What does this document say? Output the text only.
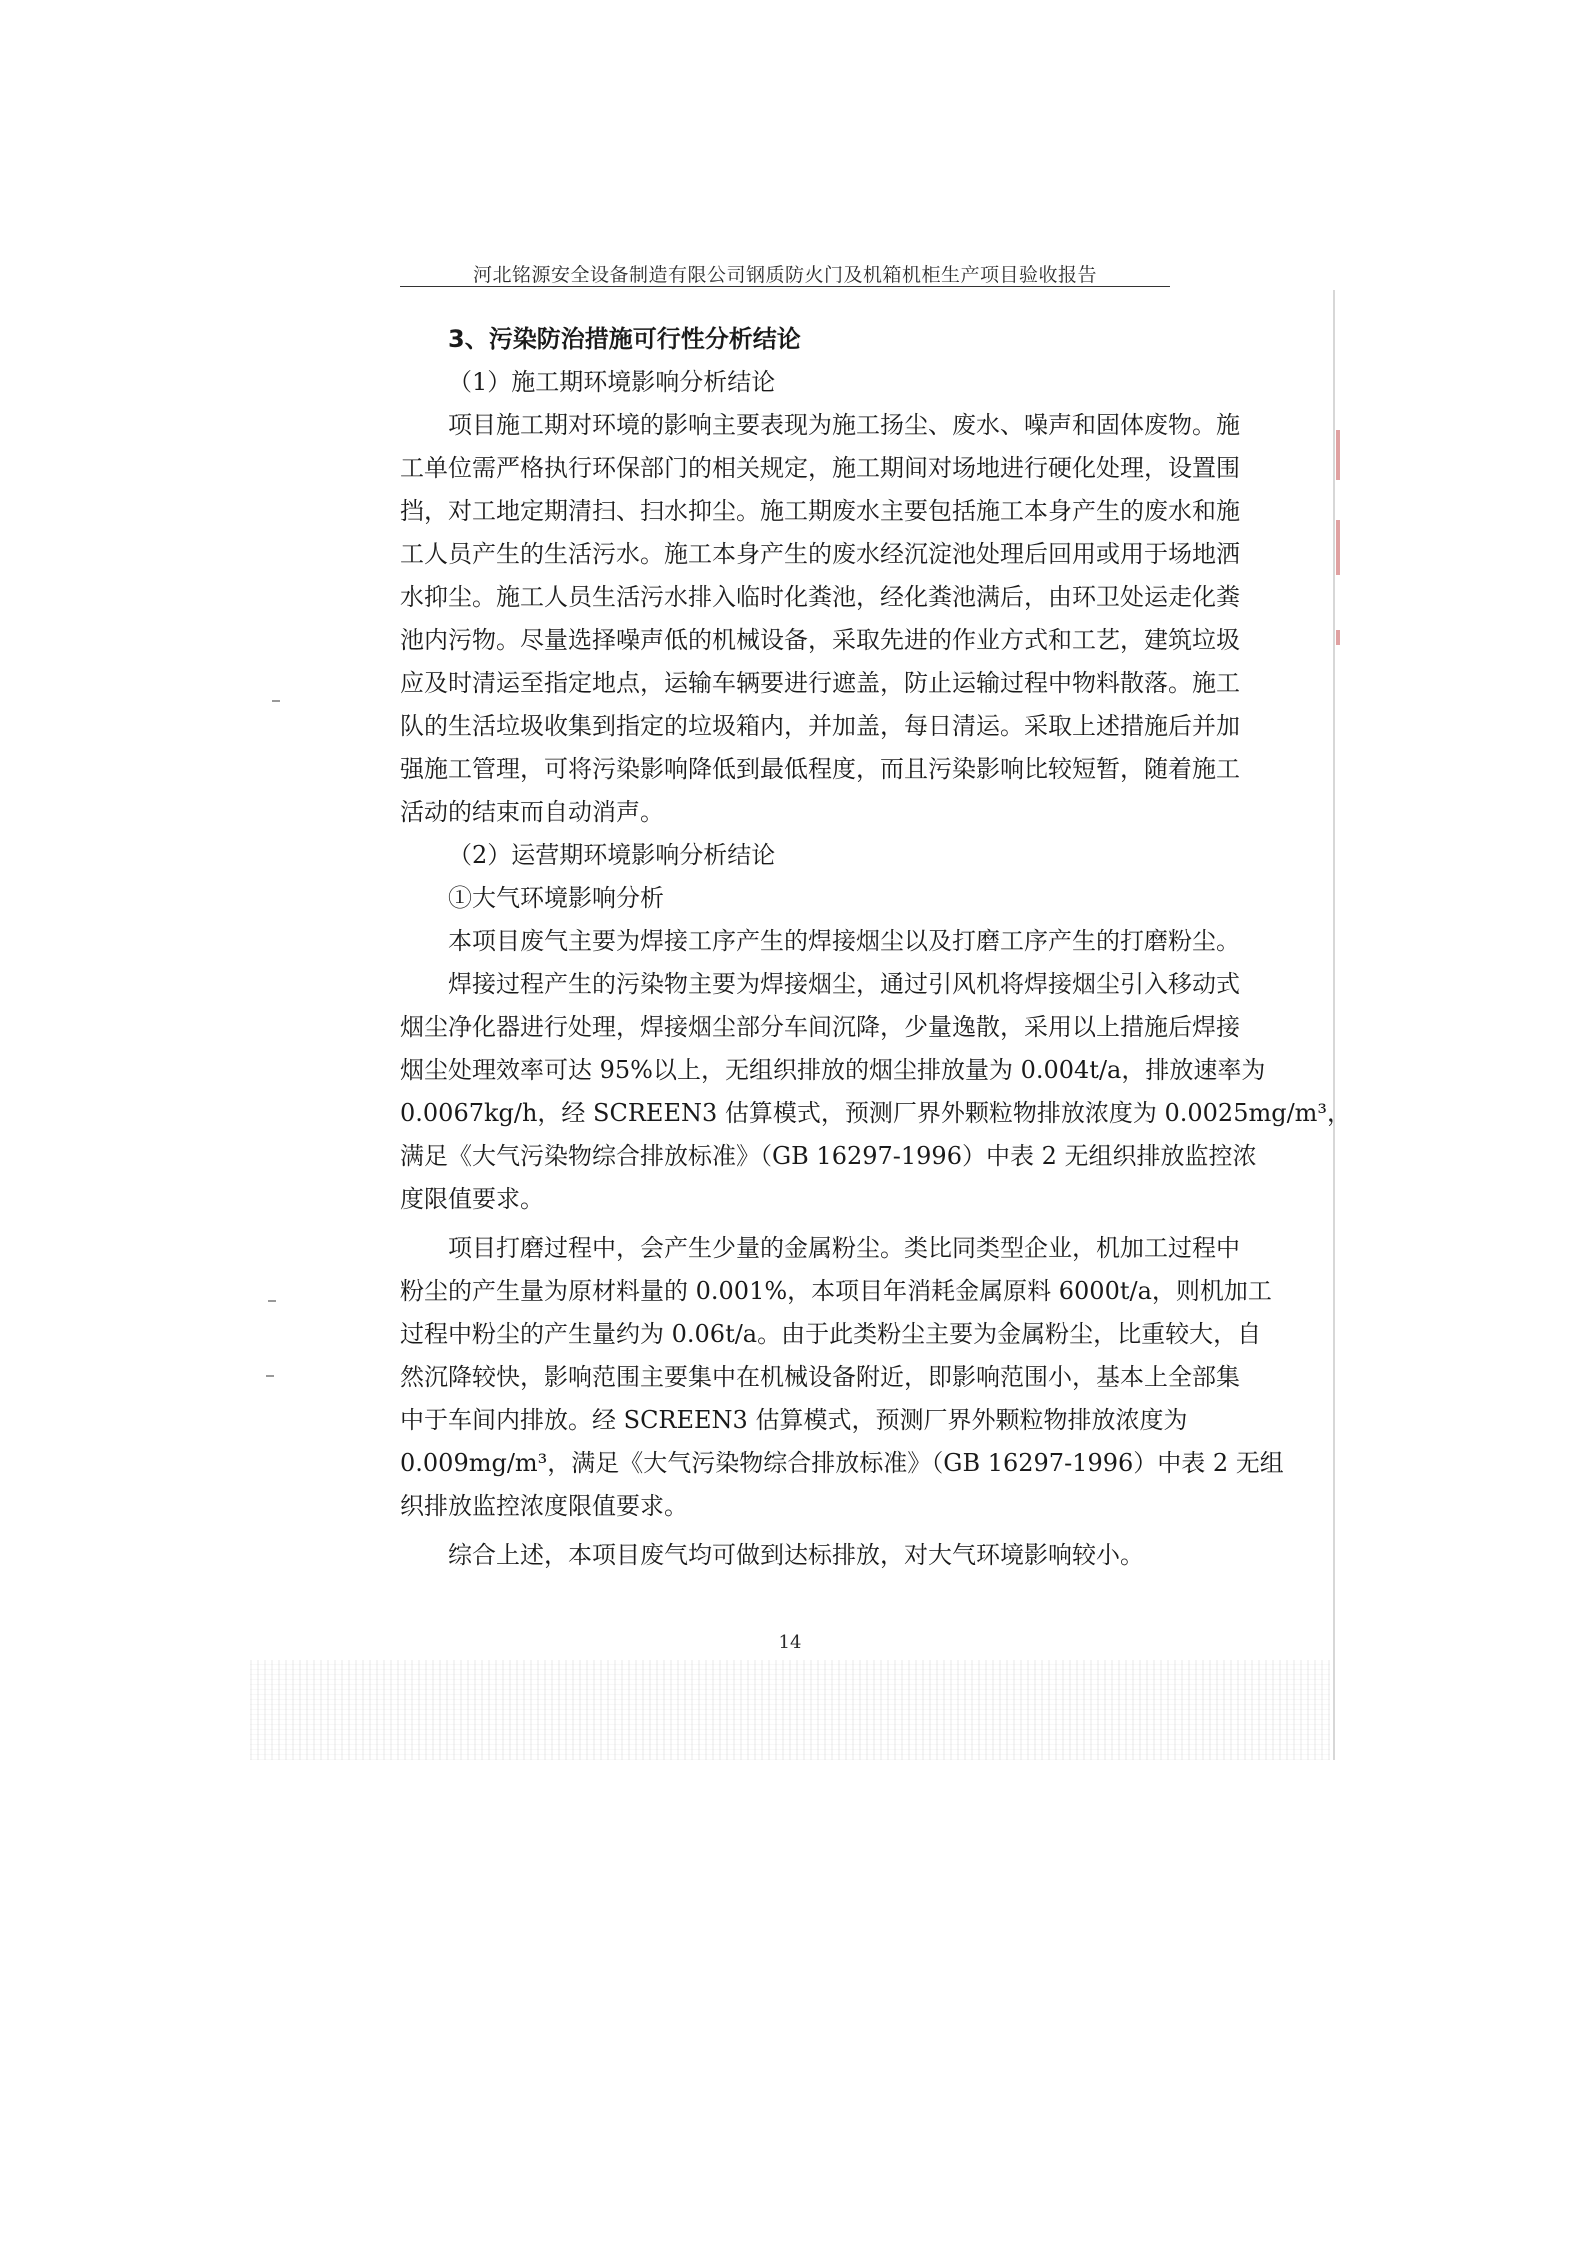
河北铭源安全设备制造有限公司钢质防火门及机箱机柜生产项目验收报告
3、污染防治措施可行性分析结论
（1）施工期环境影响分析结论
项目施工期对环境的影响主要表现为施工扬尘、废水、噪声和固体废物。施
工单位需严格执行环保部门的相关规定，施工期间对场地进行硬化处理，设置围
挡，对工地定期清扫、扫水抑尘。施工期废水主要包括施工本身产生的废水和施
工人员产生的生活污水。施工本身产生的废水经沉淀池处理后回用或用于场地洒
水抑尘。施工人员生活污水排入临时化粪池，经化粪池满后，由环卫处运走化粪
池内污物。尽量选择噪声低的机械设备，采取先进的作业方式和工艺，建筑垃圾
应及时清运至指定地点，运输车辆要进行遮盖，防止运输过程中物料散落。施工
队的生活垃圾收集到指定的垃圾箱内，并加盖，每日清运。采取上述措施后并加
强施工管理，可将污染影响降低到最低程度，而且污染影响比较短暂，随着施工
活动的结束而自动消声。
（2）运营期环境影响分析结论
①大气环境影响分析
本项目废气主要为焊接工序产生的焊接烟尘以及打磨工序产生的打磨粉尘。
焊接过程产生的污染物主要为焊接烟尘，通过引风机将焊接烟尘引入移动式
烟尘净化器进行处理，焊接烟尘部分车间沉降，少量逸散，采用以上措施后焊接
烟尘处理效率可达 95%以上，无组织排放的烟尘排放量为 0.004t/a，排放速率为
0.0067kg/h，经 SCREEN3 估算模式，预测厂界外颗粒物排放浓度为 0.0025mg/m³，
满足《大气污染物综合排放标准》（GB 16297-1996）中表 2 无组织排放监控浓
度限值要求。
项目打磨过程中，会产生少量的金属粉尘。类比同类型企业，机加工过程中
粉尘的产生量为原材料量的 0.001%，本项目年消耗金属原料 6000t/a，则机加工
过程中粉尘的产生量约为 0.06t/a。由于此类粉尘主要为金属粉尘，比重较大，自
然沉降较快，影响范围主要集中在机械设备附近，即影响范围小，基本上全部集
中于车间内排放。经 SCREEN3 估算模式，预测厂界外颗粒物排放浓度为
0.009mg/m³，满足《大气污染物综合排放标准》（GB 16297-1996）中表 2 无组
织排放监控浓度限值要求。
综合上述，本项目废气均可做到达标排放，对大气环境影响较小。
14
